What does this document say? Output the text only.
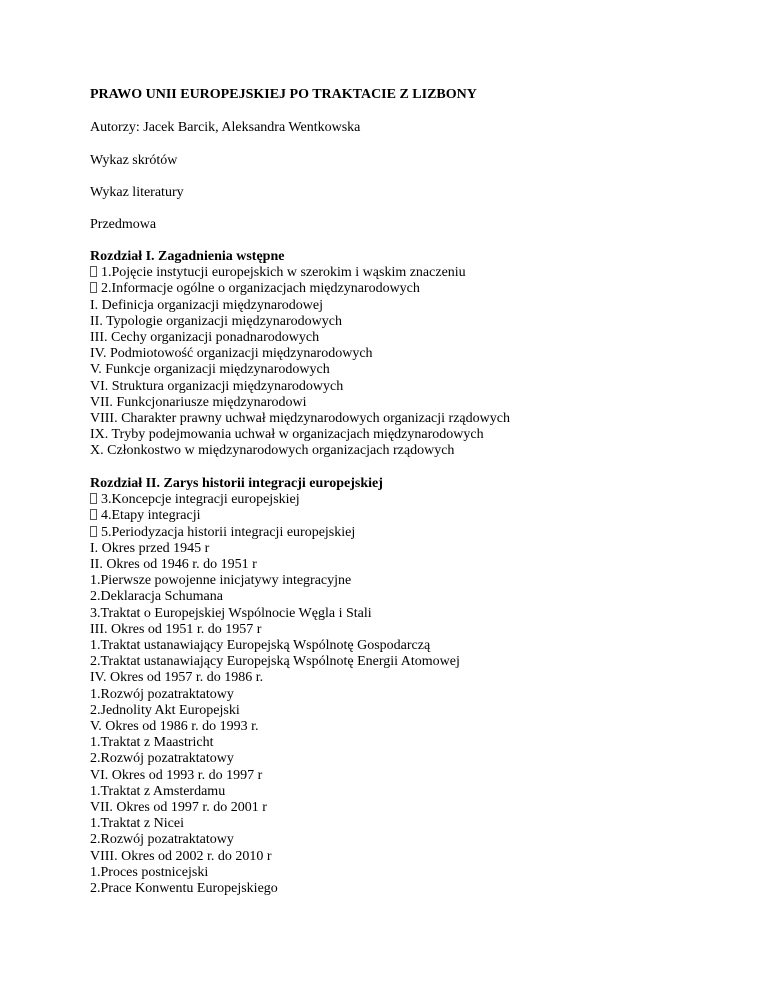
PRAWO UNII EUROPEJSKIEJ PO TRAKTACIE Z LIZBONY
Autorzy: Jacek Barcik, Aleksandra Wentkowska
Wykaz skrótów
Wykaz literatury
Przedmowa
Rozdział I. Zagadnienia wstępne
1.Pojęcie instytucji europejskich w szerokim i wąskim znaczeniu
2.Informacje ogólne o organizacjach międzynarodowych
I. Definicja organizacji międzynarodowej
II. Typologie organizacji międzynarodowych
III. Cechy organizacji ponadnarodowych
IV. Podmiotowość organizacji międzynarodowych
V. Funkcje organizacji międzynarodowych
VI. Struktura organizacji międzynarodowych
VII. Funkcjonariusze międzynarodowi
VIII. Charakter prawny uchwał międzynarodowych organizacji rządowych
IX. Tryby podejmowania uchwał w organizacjach międzynarodowych
X. Członkostwo w międzynarodowych organizacjach rządowych
Rozdział II. Zarys historii integracji europejskiej
3.Koncepcje integracji europejskiej
4.Etapy integracji
5.Periodyzacja historii integracji europejskiej
I. Okres przed 1945 r
II. Okres od 1946 r. do 1951 r
1.Pierwsze powojenne inicjatywy integracyjne
2.Deklaracja Schumana
3.Traktat o Europejskiej Wspólnocie Węgla i Stali
III. Okres od 1951 r. do 1957 r
1.Traktat ustanawiający Europejską Wspólnotę Gospodarczą
2.Traktat ustanawiający Europejską Wspólnotę Energii Atomowej
IV. Okres od 1957 r. do 1986 r.
1.Rozwój pozatraktatowy
2.Jednolity Akt Europejski
V. Okres od 1986 r. do 1993 r.
1.Traktat z Maastricht
2.Rozwój pozatraktatowy
VI. Okres od 1993 r. do 1997 r
1.Traktat z Amsterdamu
VII. Okres od 1997 r. do 2001 r
1.Traktat z Nicei
2.Rozwój pozatraktatowy
VIII. Okres od 2002 r. do 2010 r
1.Proces postnicejski
2.Prace Konwentu Europejskiego
